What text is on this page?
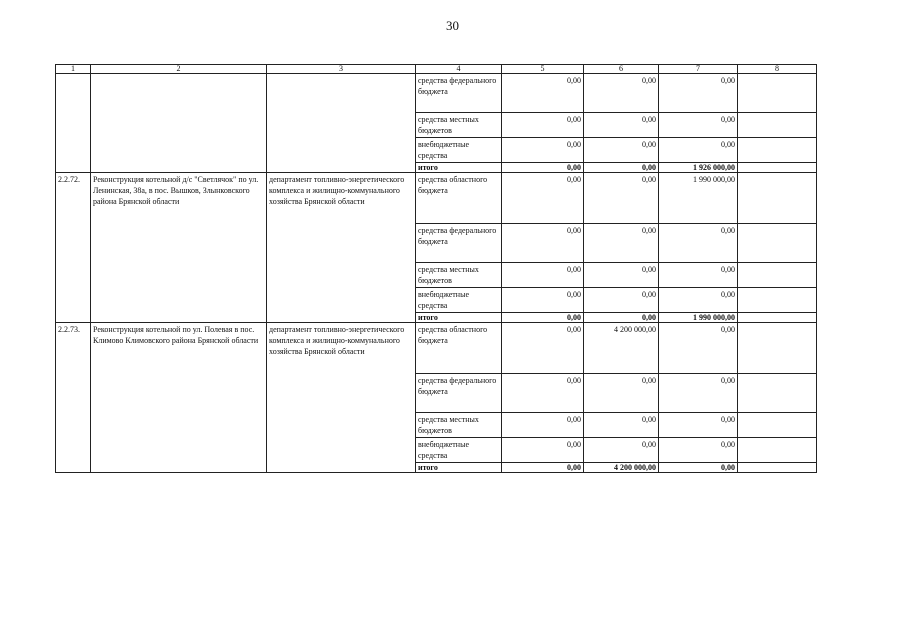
30
1	2	3	4	5	6	7	8
			средства федерального бюджета	0,00	0,00	0,00	
			средства местных бюджетов	0,00	0,00	0,00	
			внебюджетные средства	0,00	0,00	0,00	
			итого	0,00	0,00	1 926 000,00	
2.2.72.	Реконструкция котельной д/с "Светлячок" по ул. Ленинская, 38а, в пос. Вышков, Злынковского района Брянской области	департамент топливно-энергетического комплекса и жилищно-коммунального хозяйства Брянской области	средства областного бюджета	0,00	0,00	1 990 000,00	
			средства федерального бюджета	0,00	0,00	0,00	
			средства местных бюджетов	0,00	0,00	0,00	
			внебюджетные средства	0,00	0,00	0,00	
			итого	0,00	0,00	1 990 000,00	
2.2.73.	Реконструкция котельной по ул. Полевая в пос. Климово Климовского района Брянской области	департамент топливно-энергетического комплекса и жилищно-коммунального хозяйства Брянской области	средства областного бюджета	0,00	4 200 000,00	0,00	
			средства федерального бюджета	0,00	0,00	0,00	
			средства местных бюджетов	0,00	0,00	0,00	
			внебюджетные средства	0,00	0,00	0,00	
			итого	0,00	4 200 000,00	0,00	
